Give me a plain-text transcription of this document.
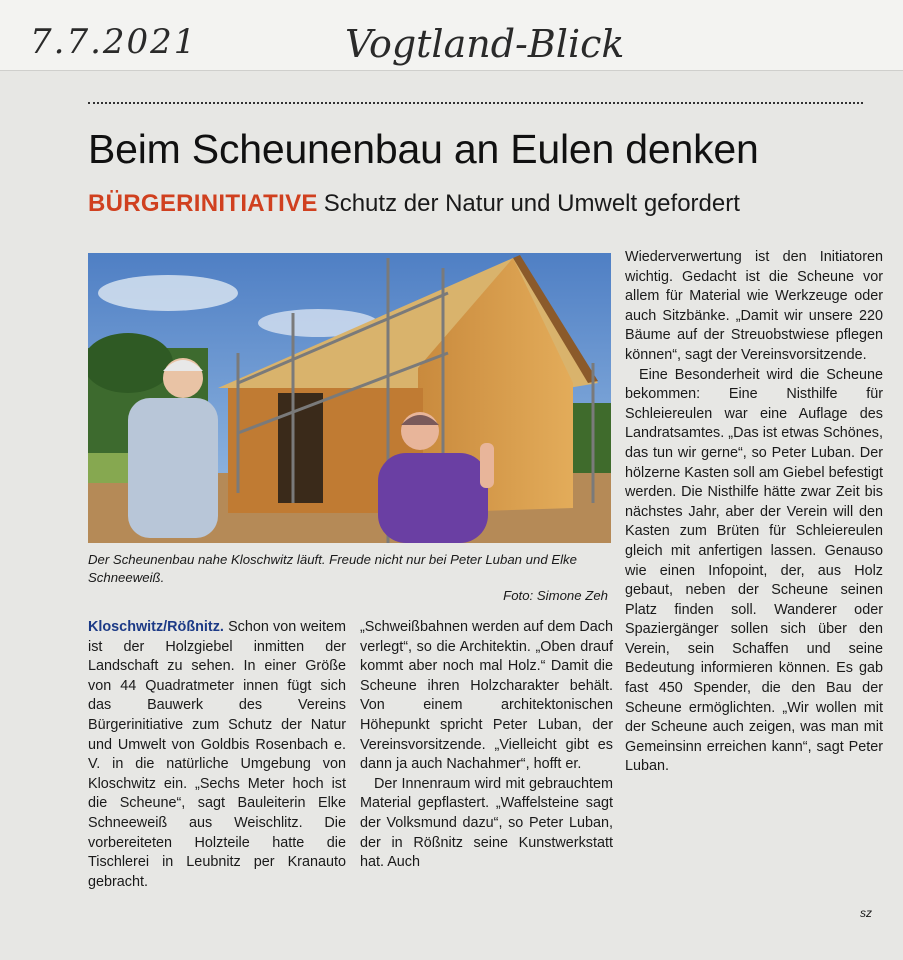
7.7.2021	Vogtland-Blick
Beim Scheunenbau an Eulen denken
BÜRGERINITIATIVE Schutz der Natur und Umwelt gefordert
Der Scheunenbau nahe Kloschwitz läuft. Freude nicht nur bei Peter Luban und Elke Schneeweiß.
Foto: Simone Zeh

Kloschwitz/Rößnitz. Schon von weitem ist der Holzgiebel inmitten der Landschaft zu sehen. In einer Größe von 44 Quadratmeter innen fügt sich das Bauwerk des Vereins Bürgerinitiative zum Schutz der Natur und Umwelt von Goldbis Rosenbach e. V. in die natürliche Umgebung von Kloschwitz ein. „Sechs Meter hoch ist die Scheune“, sagt Bauleiterin Elke Schneeweiß aus Weischlitz. Die vorbereiteten Holzteile hatte die Tischlerei in Leubnitz per Kranauto gebracht.

„Schweißbahnen werden auf dem Dach verlegt“, so die Architektin. „Oben drauf kommt aber noch mal Holz.“ Damit die Scheune ihren Holzcharakter behält. Von einem architektonischen Höhepunkt spricht Peter Luban, der Vereinsvorsitzende. „Vielleicht gibt es dann ja auch Nachahmer“, hofft er.

Der Innenraum wird mit gebrauchtem Material gepflastert. „Waffelsteine sagt der Volksmund dazu“, so Peter Luban, der in Rößnitz seine Kunstwerkstatt hat. Auch

Wiederverwertung ist den Initiatoren wichtig. Gedacht ist die Scheune vor allem für Material wie Werkzeuge oder auch Sitzbänke. „Damit wir unsere 220 Bäume auf der Streuobstwiese pflegen können“, sagt der Vereinsvorsitzende.

Eine Besonderheit wird die Scheune bekommen: Eine Nisthilfe für Schleiereulen war eine Auflage des Landratsamtes. „Das ist etwas Schönes, das tun wir gerne“, so Peter Luban. Der hölzerne Kasten soll am Giebel befestigt werden. Die Nisthilfe hätte zwar Zeit bis nächstes Jahr, aber der Verein will den Kasten zum Brüten für Schleiereulen gleich mit anfertigen lassen. Genauso wie einen Infopoint, der, aus Holz gebaut, neben der Scheune seinen Platz finden soll. Wanderer oder Spaziergänger sollen sich über den Verein, sein Schaffen und seine Bedeutung informieren können. Es gab fast 450 Spender, die den Bau der Scheune ermöglichten. „Wir wollen mit der Scheune auch zeigen, was man mit Gemeinsinn erreichen kann“, sagt Peter Luban.

sz
